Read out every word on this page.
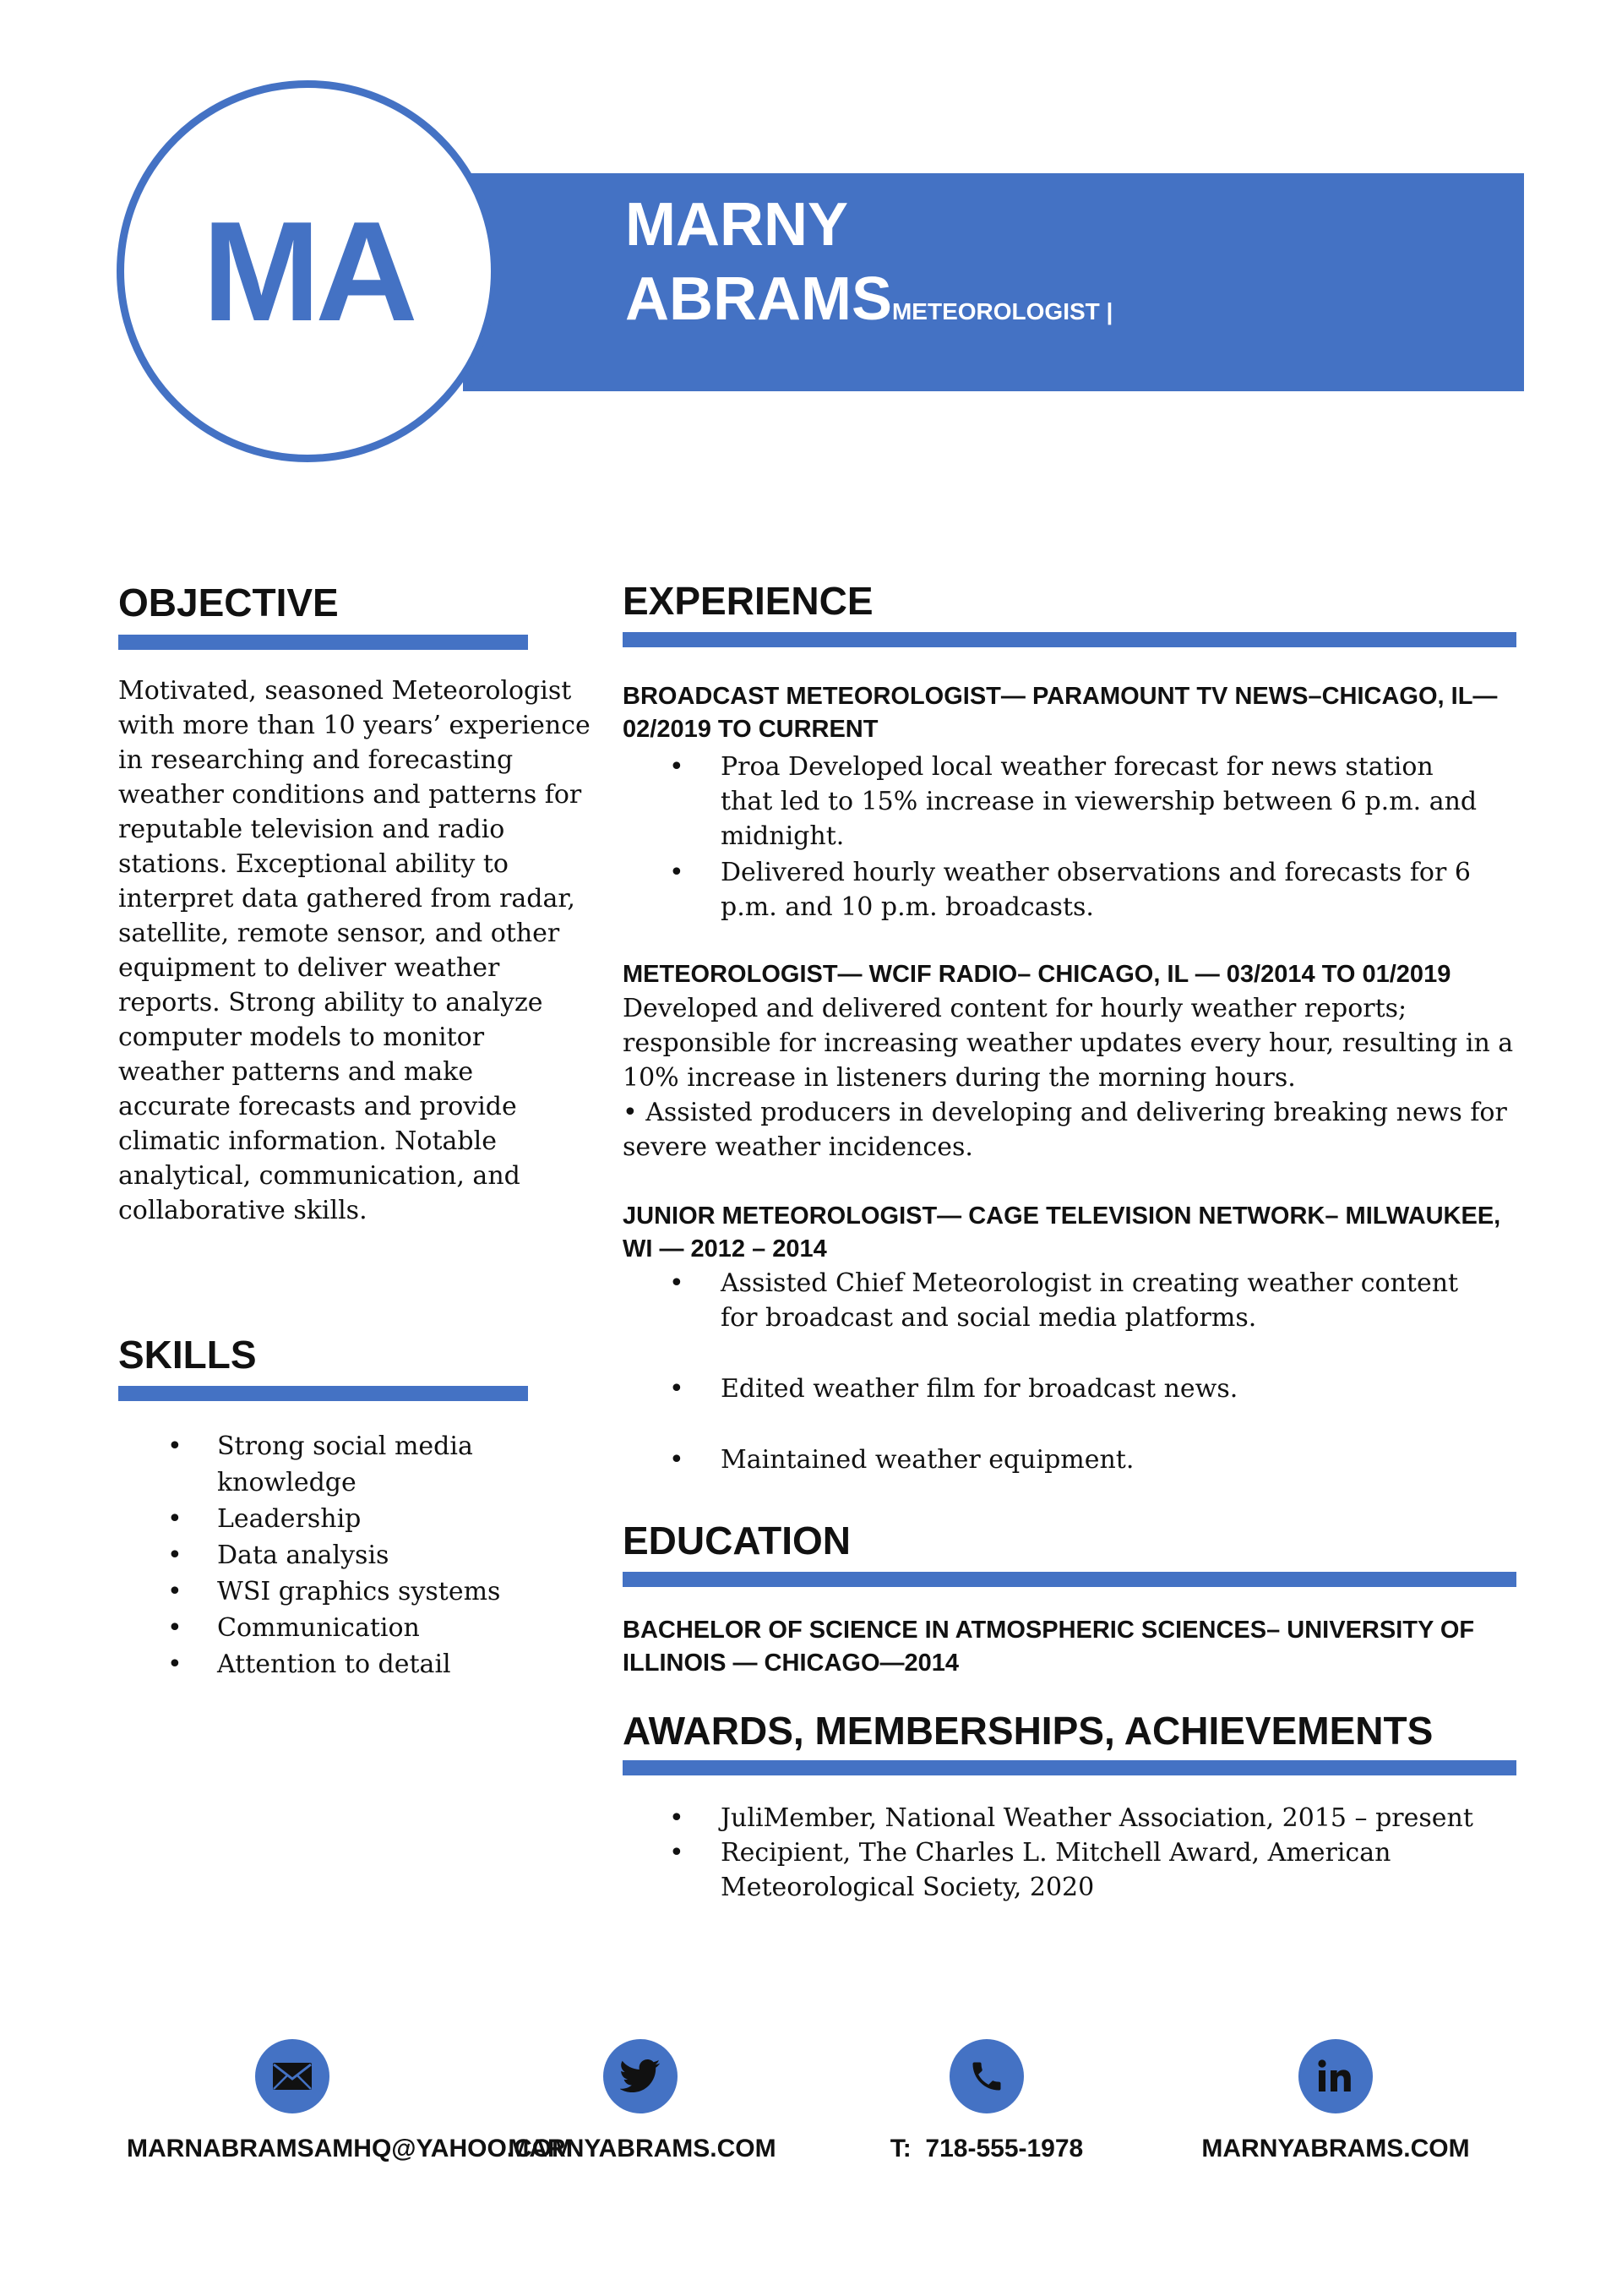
MA	MARNY
ABRAMSMETEOROLOGIST |
OBJECTIVE
Motivated, seasoned Meteorologist with more than 10 years’ experience in researching and forecasting weather conditions and patterns for reputable television and radio stations. Exceptional ability to interpret data gathered from radar, satellite, remote sensor, and other equipment to deliver weather reports. Strong ability to analyze computer models to monitor weather patterns and make accurate forecasts and provide climatic information. Notable analytical, communication, and collaborative skills.
SKILLS
• Strong social media knowledge
• Leadership
• Data analysis
• WSI graphics systems
• Communication
• Attention to detail
EXPERIENCE
BROADCAST METEOROLOGIST— PARAMOUNT TV NEWS–CHICAGO, IL— 02/2019 TO CURRENT
• Proa Developed local weather forecast for news station that led to 15% increase in viewership between 6 p.m. and midnight.
• Delivered hourly weather observations and forecasts for 6 p.m. and 10 p.m. broadcasts.
METEOROLOGIST— WCIF RADIO– CHICAGO, IL — 03/2014 TO 01/2019
Developed and delivered content for hourly weather reports; responsible for increasing weather updates every hour, resulting in a 10% increase in listeners during the morning hours.
• Assisted producers in developing and delivering breaking news for severe weather incidences.
JUNIOR METEOROLOGIST— CAGE TELEVISION NETWORK– MILWAUKEE, WI — 2012 – 2014
• Assisted Chief Meteorologist in creating weather content for broadcast and social media platforms.
• Edited weather film for broadcast news.
• Maintained weather equipment.
EDUCATION
BACHELOR OF SCIENCE IN ATMOSPHERIC SCIENCES– UNIVERSITY OF ILLINOIS — CHICAGO—2014
AWARDS, MEMBERSHIPS, ACHIEVEMENTS
• JuliMember, National Weather Association, 2015 – present
• Recipient, The Charles L. Mitchell Award, American Meteorological Society, 2020
MARNABRAMSAMHQ@YAHOO.COM
MARNYABRAMS.COM	T:  718-555-1978	MARNYABRAMS.COM
